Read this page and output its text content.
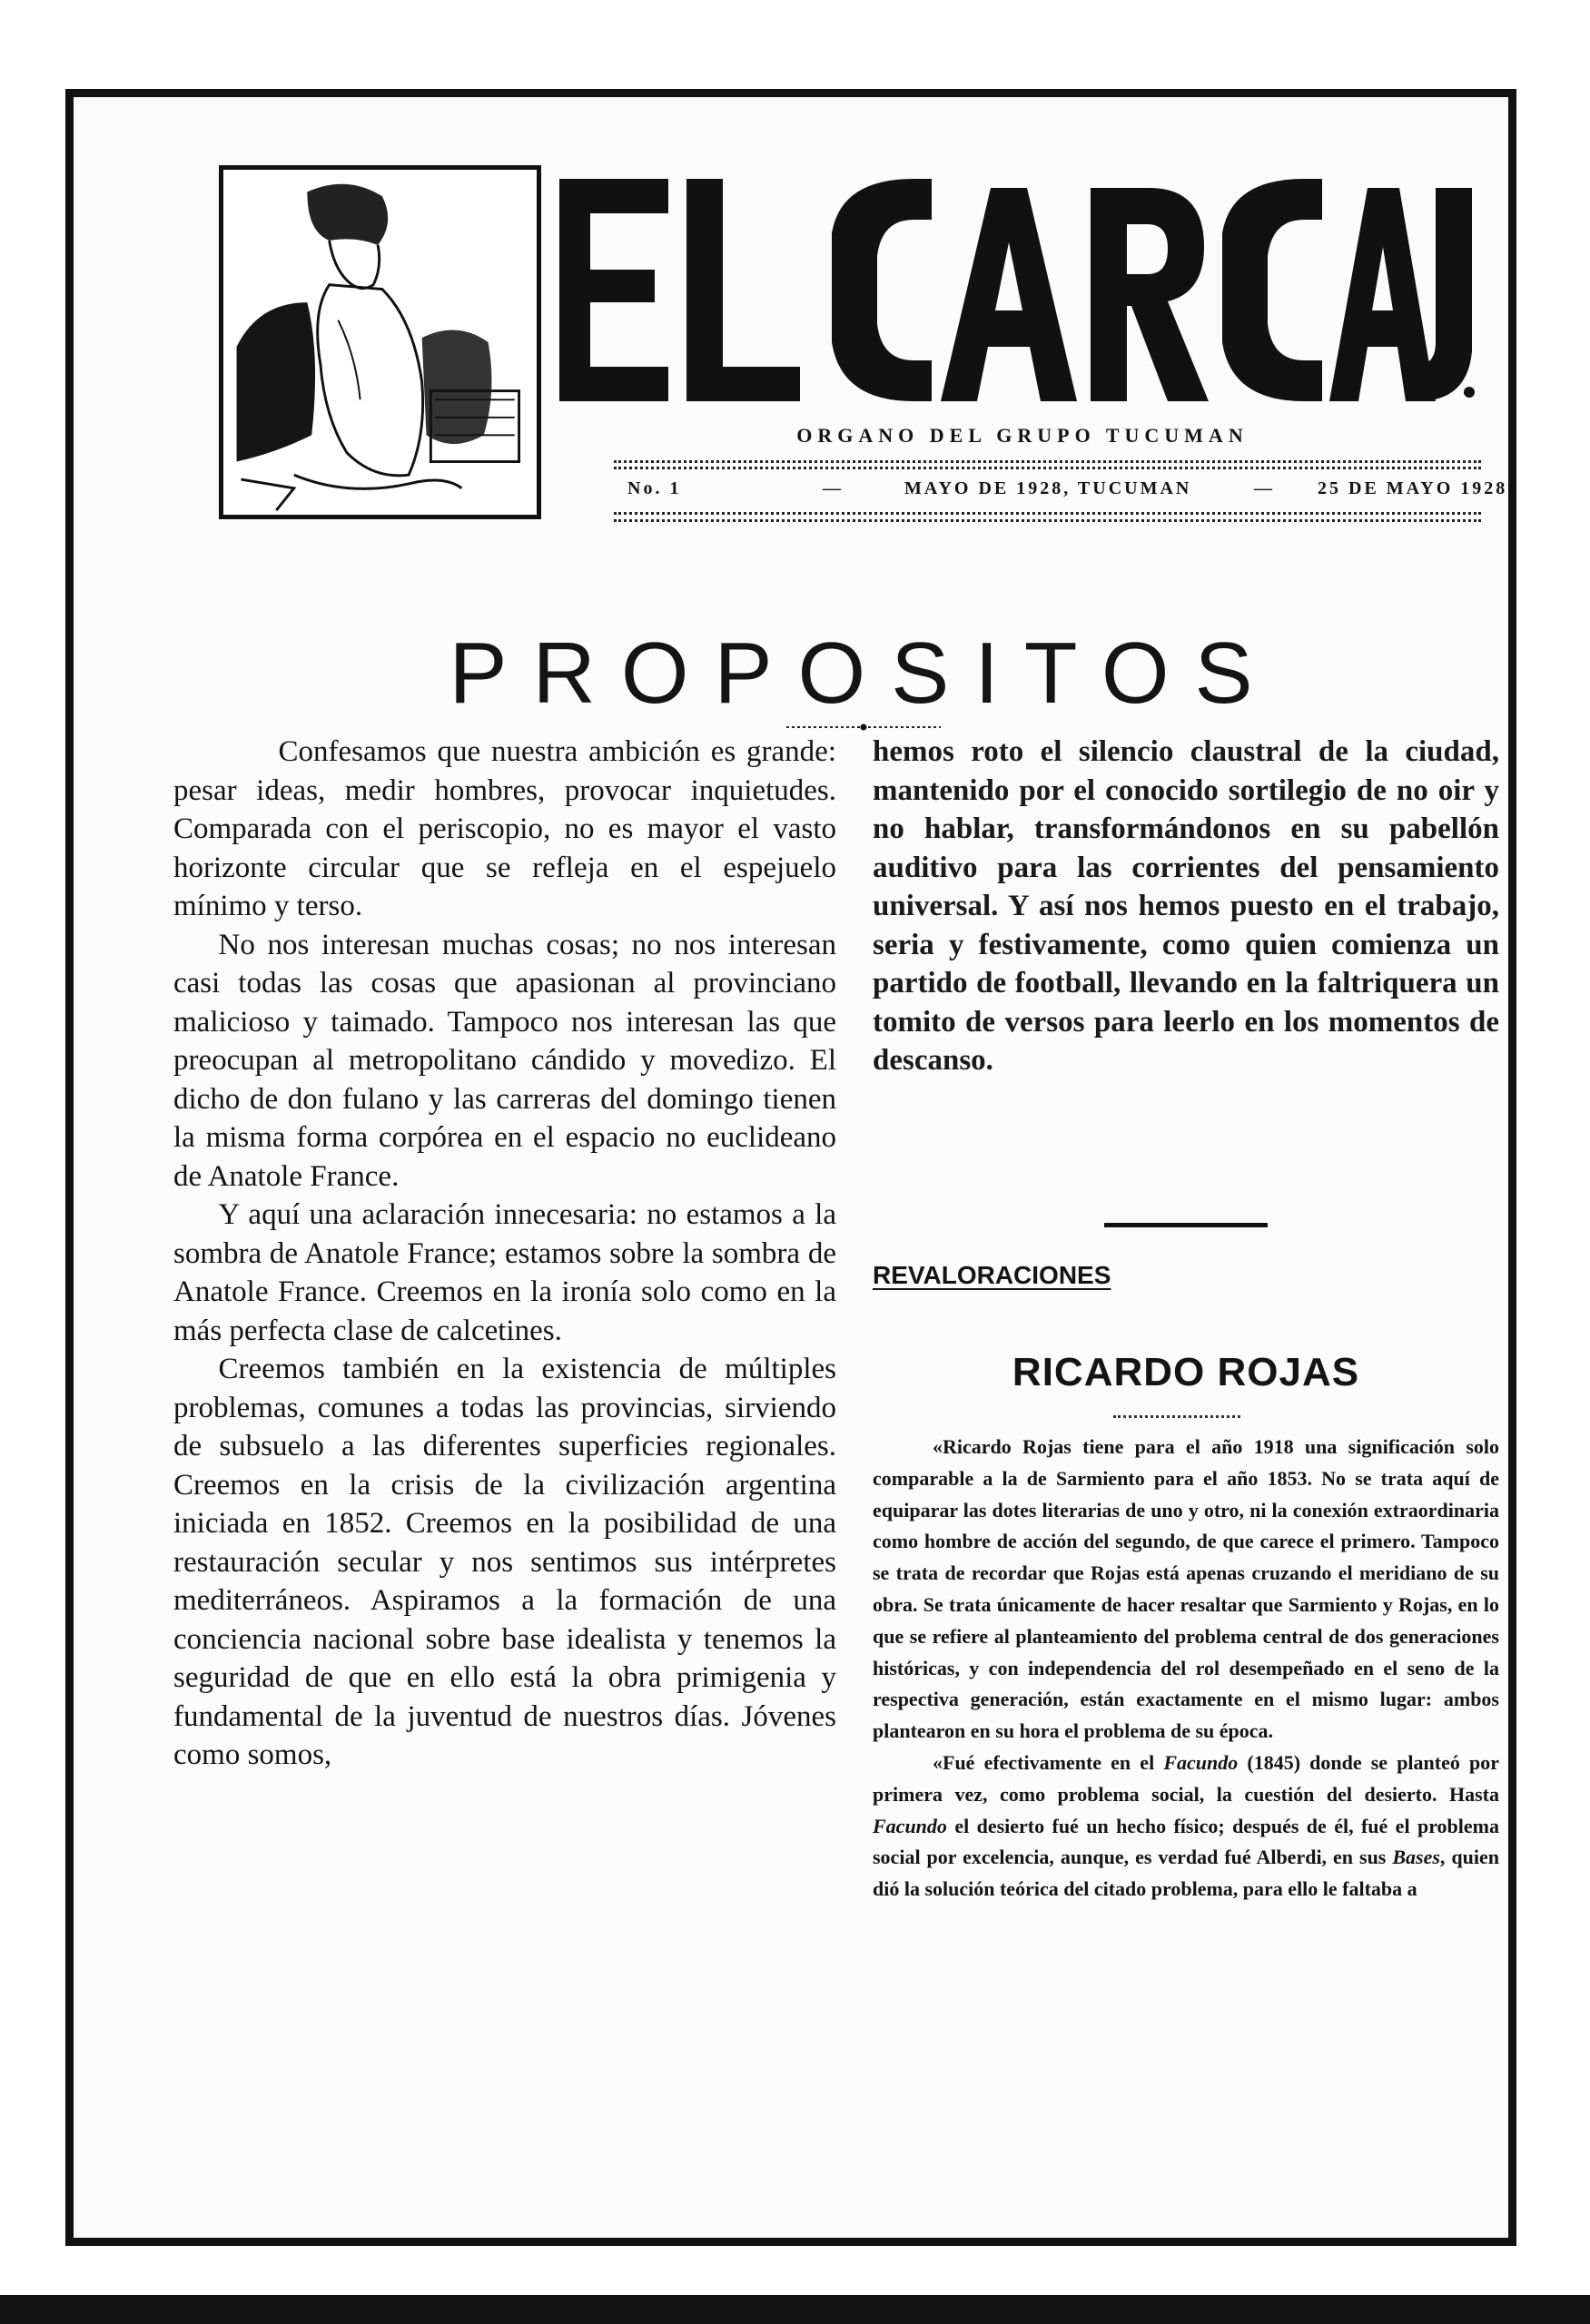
ORGANO DEL GRUPO TUCUMAN
No. 1	—	MAYO DE 1928, TUCUMAN	— 25 DE MAYO 1928
PROPOSITOS

Confesamos que nuestra ambición es grande: pesar ideas, medir hombres, provocar inquietudes. Comparada con el periscopio, no es mayor el vasto horizonte circular que se refleja en el espejuelo mínimo y terso.

No nos interesan muchas cosas; no nos interesan casi todas las cosas que apasionan al provinciano malicioso y taimado. Tampoco nos interesan las que preocupan al metropolitano cándido y movedizo. El dicho de don fulano y las carreras del domingo tienen la misma forma corpórea en el espacio no euclideano de Anatole France.

Y aquí una aclaración innecesaria: no estamos a la sombra de Anatole France; estamos sobre la sombra de Anatole France. Creemos en la ironía solo como en la más perfecta clase de calcetines.

Creemos también en la existencia de múltiples problemas, comunes a todas las provincias, sirviendo de subsuelo a las diferentes superficies regionales. Creemos en la crisis de la civilización argentina iniciada en 1852. Creemos en la posibilidad de una restauración secular y nos sentimos sus intérpretes mediterráneos. Aspiramos a la formación de una conciencia nacional sobre base idealista y tenemos la seguridad de que en ello está la obra primigenia y fundamental de la juventud de nuestros días. Jóvenes como somos,

hemos roto el silencio claustral de la ciudad, mantenido por el conocido sortilegio de no oir y no hablar, transformándonos en su pabellón auditivo para las corrientes del pensamiento universal. Y así nos hemos puesto en el trabajo, seria y festivamente, como quien comienza un partido de football, llevando en la faltriquera un tomito de versos para leerlo en los momentos de descanso.

REVALORACIONES
RICARDO ROJAS

«Ricardo Rojas tiene para el año 1918 una significación solo comparable a la de Sarmiento para el año 1853. No se trata aquí de equiparar las dotes literarias de uno y otro, ni la conexión extraordinaria como hombre de acción del segundo, de que carece el primero. Tampoco se trata de recordar que Rojas está apenas cruzando el meridiano de su obra. Se trata únicamente de hacer resaltar que Sarmiento y Rojas, en lo que se refiere al planteamiento del problema central de dos generaciones históricas, y con independencia del rol desempeñado en el seno de la respectiva generación, están exactamente en el mismo lugar: ambos plantearon en su hora el problema de su época.

«Fué efectivamente en el Facundo (1845) donde se planteó por primera vez, como problema social, la cuestión del desierto. Hasta Facundo el desierto fué un hecho físico; después de él, fué el problema social por excelencia, aunque, es verdad fué Alberdi, en sus Bases, quien dió la solución teórica del citado problema, para ello le faltaba a
